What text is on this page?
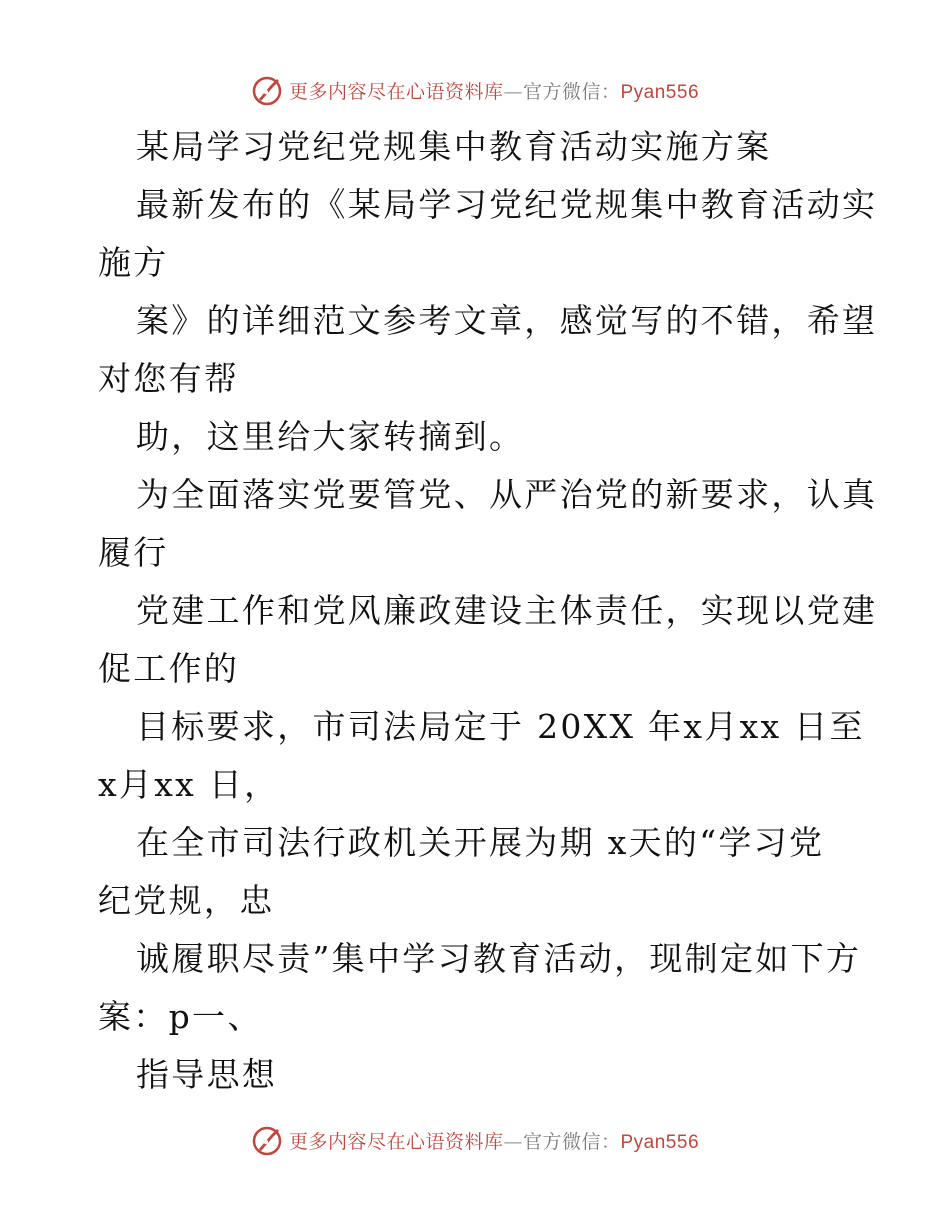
更多内容尽在心语资料库—官方微信：Pyan556
某局学习党纪党规集中教育活动实施方案
最新发布的《某局学习党纪党规集中教育活动实
施方
案》的详细范文参考文章，感觉写的不错，希望
对您有帮
助，这里给大家转摘到。
为全面落实党要管党、从严治党的新要求，认真
履行
党建工作和党风廉政建设主体责任，实现以党建
促工作的
目标要求，市司法局定于 20XX 年x月xx 日至
x月xx 日，
在全市司法行政机关开展为期 x天的“学习党
纪党规，忠
诚履职尽责”集中学习教育活动，现制定如下方
案：p一、
指导思想
更多内容尽在心语资料库—官方微信：Pyan556
